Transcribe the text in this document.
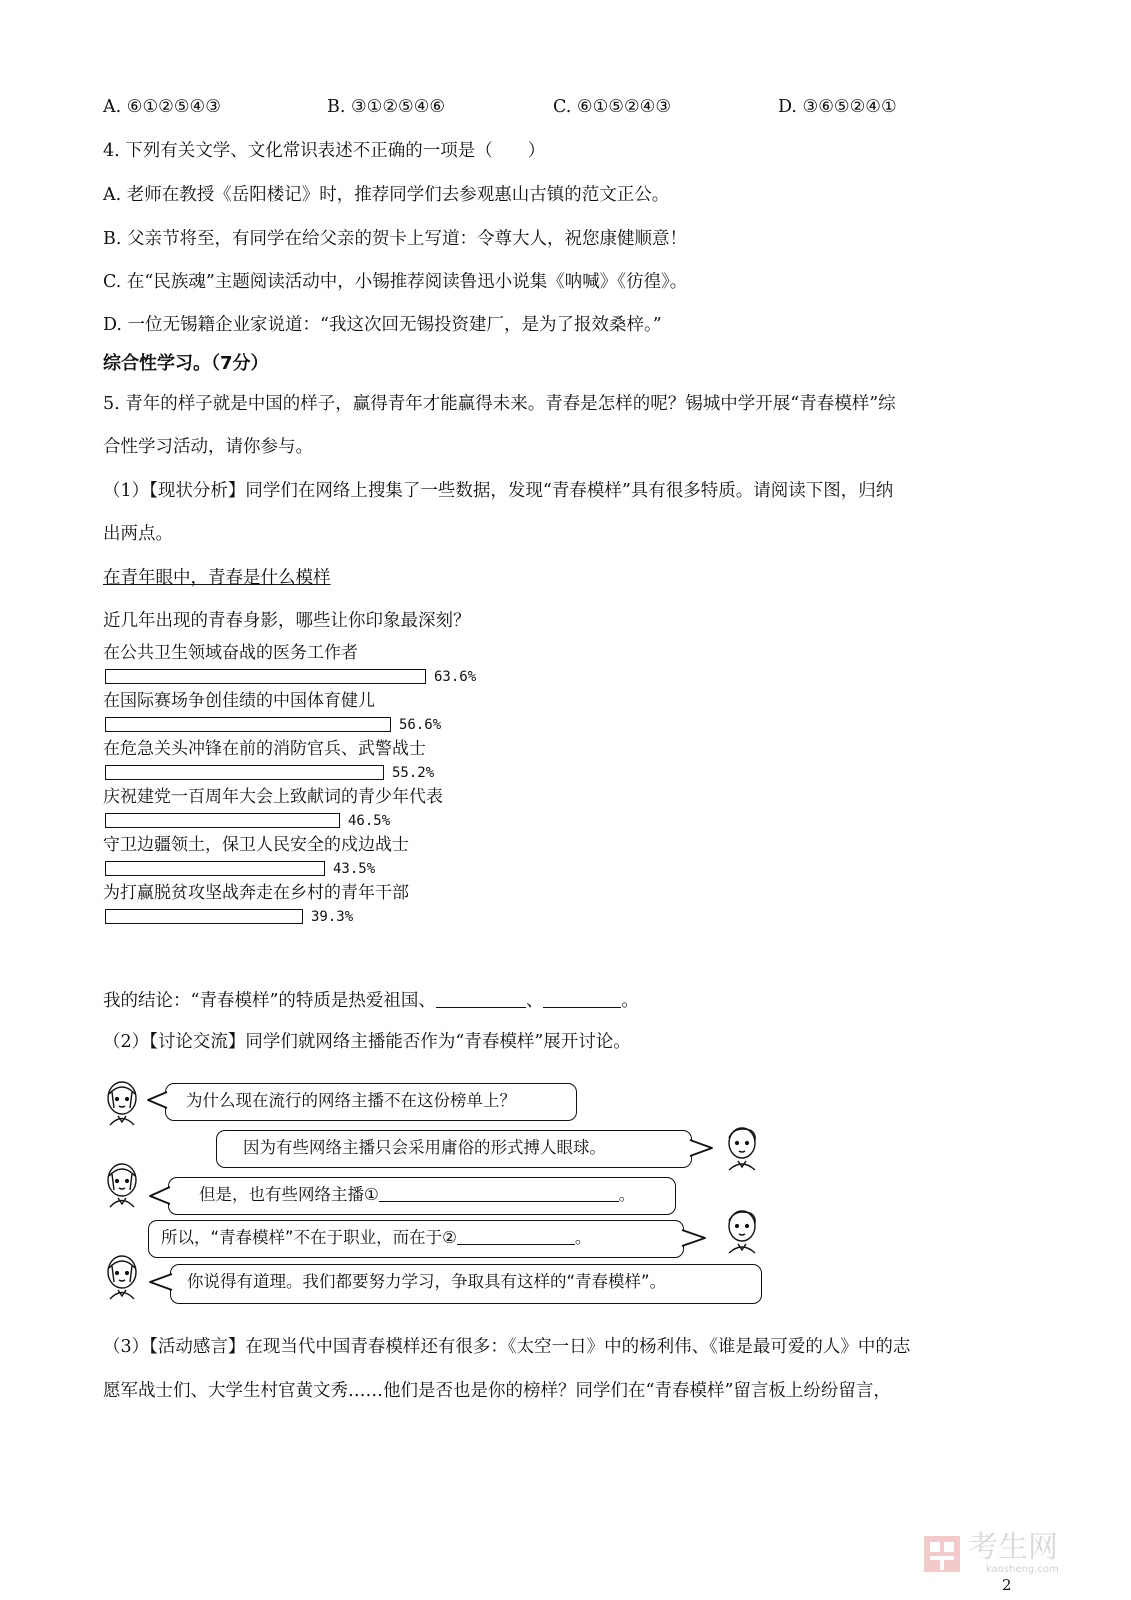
A. ⑥①②⑤④③	B. ③①②⑤④⑥	C. ⑥①⑤②④③	D. ③⑥⑤②④①
4. 下列有关文学、文化常识表述不正确的一项是（　　）
A. 老师在教授《岳阳楼记》时，推荐同学们去参观惠山古镇的范文正公。
B. 父亲节将至，有同学在给父亲的贺卡上写道：令尊大人，祝您康健顺意！
C. 在“民族魂”主题阅读活动中，小锡推荐阅读鲁迅小说集《呐喊》《彷徨》。
D. 一位无锡籍企业家说道：“我这次回无锡投资建厂，是为了报效桑梓。”
综合性学习。（7分）
5. 青年的样子就是中国的样子，赢得青年才能赢得未来。青春是怎样的呢？锡城中学开展“青春模样”综
合性学习活动，请你参与。
（1）【现状分析】同学们在网络上搜集了一些数据，发现“青春模样”具有很多特质。请阅读下图，归纳
出两点。
在青年眼中，青春是什么模样
近几年出现的青春身影，哪些让你印象最深刻？
在公共卫生领域奋战的医务工作者
63.6%
在国际赛场争创佳绩的中国体育健儿
56.6%
在危急关头冲锋在前的消防官兵、武警战士
55.2%
庆祝建党一百周年大会上致献词的青少年代表
46.5%
守卫边疆领土，保卫人民安全的戍边战士
43.5%
为打赢脱贫攻坚战奔走在乡村的青年干部
39.3%
我的结论：“青春模样”的特质是热爱祖国、	、	。
（2）【讨论交流】同学们就网络主播能否作为“青春模样”展开讨论。
为什么现在流行的网络主播不在这份榜单上？
因为有些网络主播只会采用庸俗的形式搏人眼球。
但是，也有些网络主播①	。
所以，“青春模样”不在于职业，而在于②	。
你说得有道理。我们都要努力学习，争取具有这样的“青春模样”。
（3）【活动感言】在现当代中国青春模样还有很多：《太空一日》中的杨利伟、《谁是最可爱的人》中的志
愿军战士们、大学生村官黄文秀……他们是否也是你的榜样？同学们在“青春模样”留言板上纷纷留言，
考生网
kaosheng.com
2
